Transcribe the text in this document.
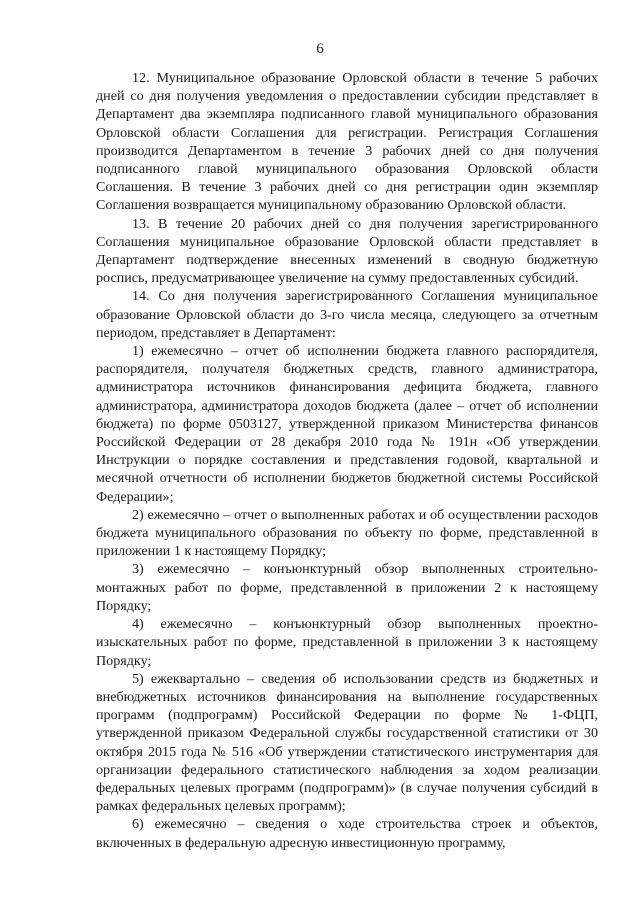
6

12. Муниципальное образование Орловской области в течение 5 рабочих дней со дня получения уведомления о предоставлении субсидии представляет в Департамент два экземпляра подписанного главой муниципального образования Орловской области Соглашения для регистрации. Регистрация Соглашения производится Департаментом в течение 3 рабочих дней со дня получения подписанного главой муниципального образования Орловской области Соглашения. В течение 3 рабочих дней со дня регистрации один экземпляр Соглашения возвращается муниципальному образованию Орловской области.

13. В течение 20 рабочих дней со дня получения зарегистрированного Соглашения муниципальное образование Орловской области представляет в Департамент подтверждение внесенных изменений в сводную бюджетную роспись, предусматривающее увеличение на сумму предоставленных субсидий.

14. Со дня получения зарегистрированного Соглашения муниципальное образование Орловской области до 3-го числа месяца, следующего за отчетным периодом, представляет в Департамент:

1) ежемесячно – отчет об исполнении бюджета главного распорядителя, распорядителя, получателя бюджетных средств, главного администратора, администратора источников финансирования дефицита бюджета, главного администратора, администратора доходов бюджета (далее – отчет об исполнении бюджета) по форме 0503127, утвержденной приказом Министерства финансов Российской Федерации от 28 декабря 2010 года № 191н «Об утверждении Инструкции о порядке составления и представления годовой, квартальной и месячной отчетности об исполнении бюджетов бюджетной системы Российской Федерации»;

2) ежемесячно – отчет о выполненных работах и об осуществлении расходов бюджета муниципального образования по объекту по форме, представленной в приложении 1 к настоящему Порядку;

3) ежемесячно – конъюнктурный обзор выполненных строительно-монтажных работ по форме, представленной в приложении 2 к настоящему Порядку;

4) ежемесячно – конъюнктурный обзор выполненных проектно-изыскательных работ по форме, представленной в приложении 3 к настоящему Порядку;

5) ежеквартально – сведения об использовании средств из бюджетных и внебюджетных источников финансирования на выполнение государственных программ (подпрограмм) Российской Федерации по форме № 1-ФЦП, утвержденной приказом Федеральной службы государственной статистики от 30 октября 2015 года № 516 «Об утверждении статистического инструментария для организации федерального статистического наблюдения за ходом реализации федеральных целевых программ (подпрограмм)» (в случае получения субсидий в рамках федеральных целевых программ);

6) ежемесячно – сведения о ходе строительства строек и объектов, включенных в федеральную адресную инвестиционную программу,
